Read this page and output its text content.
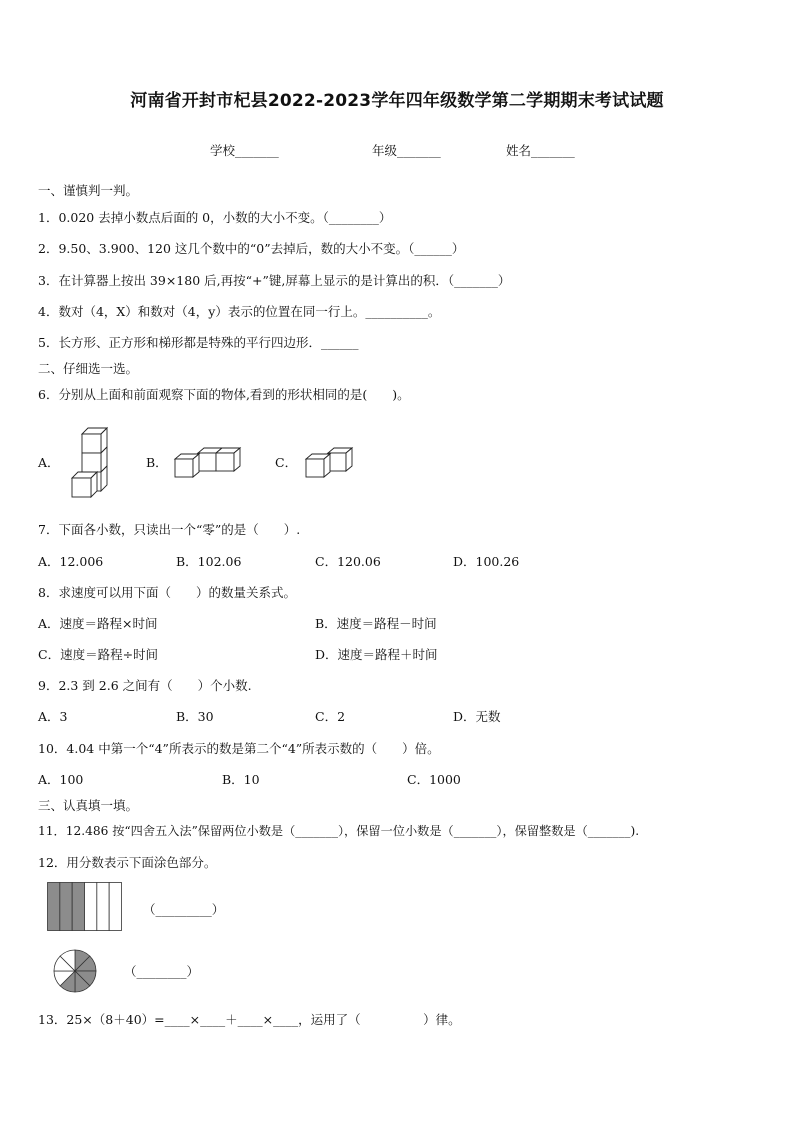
河南省开封市杞县2022-2023学年四年级数学第二学期期末考试试题
学校_______	年级_______	姓名_______
一、谨慎判一判。
1．0.020 去掉小数点后面的 0，小数的大小不变。（________）
2．9.50、3.900、120 这几个数中的“0”去掉后，数的大小不变。（______）
3．在计算器上按出 39×180 后,再按“+”键,屏幕上显示的是计算出的积．（_______）
4．数对（4，X）和数对（4，y）表示的位置在同一行上。__________。
5．长方形、正方形和梯形都是特殊的平行四边形．______
二、仔细选一选。
6．分别从上面和前面观察下面的物体,看到的形状相同的是(　　)。
A．	B．	C．
7．下面各小数，只读出一个“零”的是（　　）.
A．12.006	B．102.06	C．120.06	D．100.26
8．求速度可以用下面（　　）的数量关系式。
A．速度＝路程×时间	B．速度＝路程－时间
C．速度＝路程÷时间	D．速度＝路程＋时间
9．2.3 到 2.6 之间有（　　）个小数.
A．3	B．30	C．2	D．无数
10．4.04 中第一个“4”所表示的数是第二个“4”所表示数的（　　）倍。
A．100	B．10	C．1000
三、认真填一填。
11．12.486 按“四舍五入法”保留两位小数是（_______），保留一位小数是（_______），保留整数是（_______).
12．用分数表示下面涂色部分。
（_________）
（________）
13．25×（8＋40）=____×____＋____×____，运用了（　　　　　）律。
